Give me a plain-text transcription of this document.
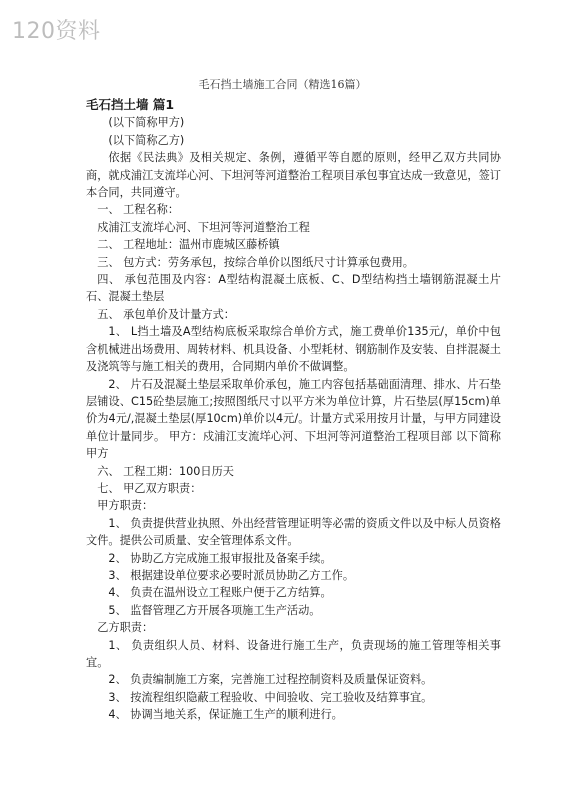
120资料
毛石挡土墙施工合同（精选16篇）
毛石挡土墙 篇1

(以下简称甲方)

(以下简称乙方)

依据《民法典》及相关规定、条例，遵循平等自愿的原则，经甲乙双方共同协商，就戍浦江支流垟心河、下坦河等河道整治工程项目承包事宜达成一致意见，签订本合同，共同遵守。

一、 工程名称：

戍浦江支流垟心河、下坦河等河道整治工程

二、 工程地址：温州市鹿城区藤桥镇

三、 包方式：劳务承包，按综合单价以图纸尺寸计算承包费用。

四、 承包范围及内容：A型结构混凝土底板、C、D型结构挡土墙钢筋混凝土片石、混凝土垫层

五、 承包单价及计量方式：

1、 L挡土墙及A型结构底板采取综合单价方式，施工费单价135元/，单价中包含机械进出场费用、周转材料、机具设备、小型耗材、钢筋制作及安装、自拌混凝土及浇筑等与施工相关的费用，合同期内单价不做调整。

2、 片石及混凝土垫层采取单价承包，施工内容包括基础面清理、排水、片石垫层铺设、C15砼垫层施工;按照图纸尺寸以平方米为单位计算，片石垫层(厚15cm)单价为4元/,混凝土垫层(厚10cm)单价以4元/。计量方式采用按月计量，与甲方同建设单位计量同步。 甲方：戍浦江支流垟心河、下坦河等河道整治工程项目部 以下简称甲方

六、 工程工期：100日历天

七、 甲乙双方职责：

甲方职责：

1、 负责提供营业执照、外出经营管理证明等必需的资质文件以及中标人员资格文件。提供公司质量、安全管理体系文件。

2、 协助乙方完成施工报审报批及备案手续。

3、 根据建设单位要求必要时派员协助乙方工作。

4、 负责在温州设立工程账户便于乙方结算。

5、 监督管理乙方开展各项施工生产活动。

乙方职责：

1、 负责组织人员、材料、设备进行施工生产，负责现场的施工管理等相关事宜。

2、 负责编制施工方案，完善施工过程控制资料及质量保证资料。

3、 按流程组织隐蔽工程验收、中间验收、完工验收及结算事宜。

4、 协调当地关系，保证施工生产的顺利进行。
